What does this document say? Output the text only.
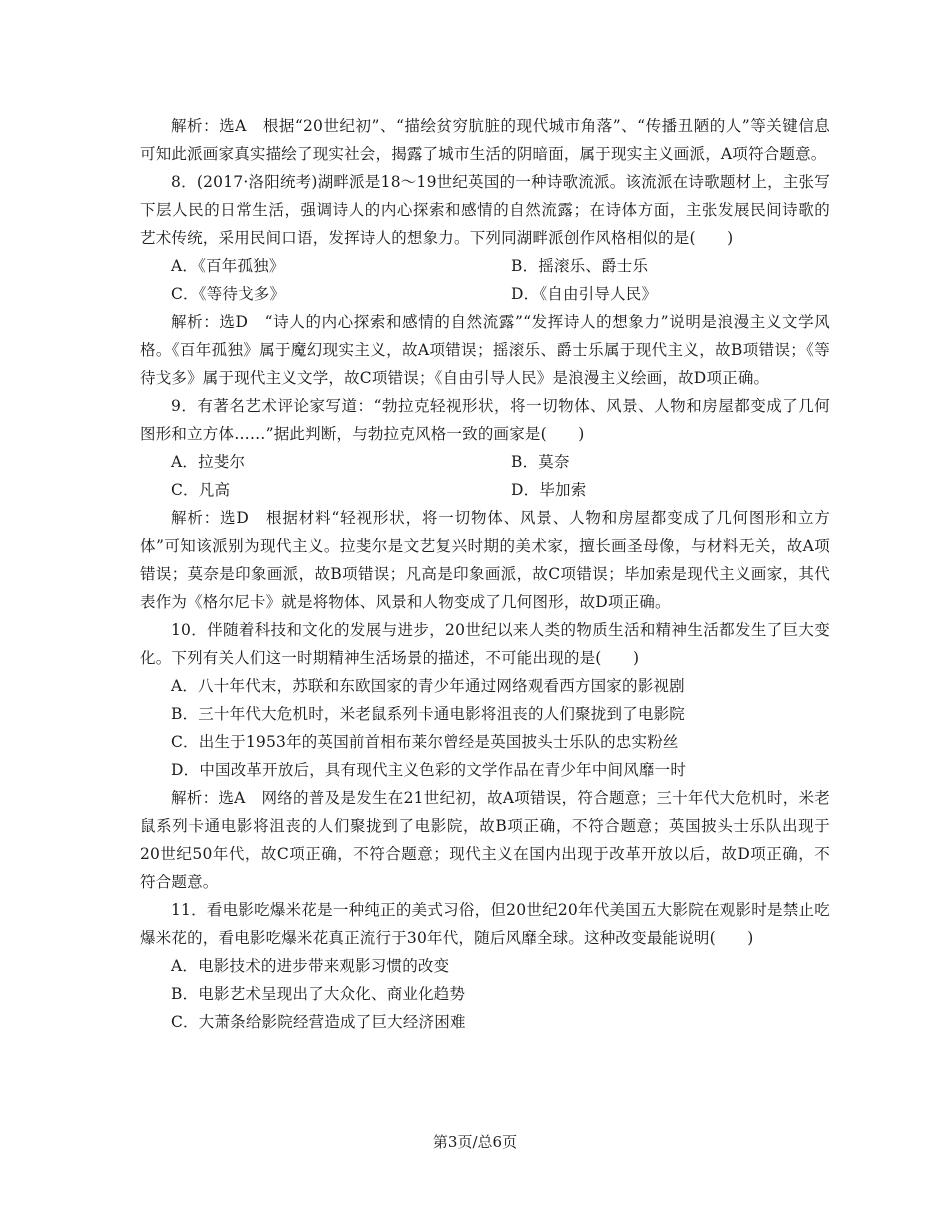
解析：选A　根据“20世纪初”、“描绘贫穷肮脏的现代城市角落”、“传播丑陋的人”等关键信息可知此派画家真实描绘了现实社会，揭露了城市生活的阴暗面，属于现实主义画派，A项符合题意。

8．(2017·洛阳统考)湖畔派是18～19世纪英国的一种诗歌流派。该流派在诗歌题材上，主张写下层人民的日常生活，强调诗人的内心探索和感情的自然流露；在诗体方面，主张发展民间诗歌的艺术传统，采用民间口语，发挥诗人的想象力。下列同湖畔派创作风格相似的是(　　)

A．《百年孤独》	B．摇滚乐、爵士乐
C．《等待戈多》	D．《自由引导人民》

解析：选D　“诗人的内心探索和感情的自然流露”“发挥诗人的想象力”说明是浪漫主义文学风格。《百年孤独》属于魔幻现实主义，故A项错误；摇滚乐、爵士乐属于现代主义，故B项错误；《等待戈多》属于现代主义文学，故C项错误；《自由引导人民》是浪漫主义绘画，故D项正确。

9．有著名艺术评论家写道：“勃拉克轻视形状，将一切物体、风景、人物和房屋都变成了几何图形和立方体……”据此判断，与勃拉克风格一致的画家是(　　)

A．拉斐尔	B．莫奈
C．凡高	D．毕加索

解析：选D　根据材料“轻视形状，将一切物体、风景、人物和房屋都变成了几何图形和立方体”可知该派别为现代主义。拉斐尔是文艺复兴时期的美术家，擅长画圣母像，与材料无关，故A项错误；莫奈是印象画派，故B项错误；凡高是印象画派，故C项错误；毕加索是现代主义画家，其代表作为《格尔尼卡》就是将物体、风景和人物变成了几何图形，故D项正确。

10．伴随着科技和文化的发展与进步，20世纪以来人类的物质生活和精神生活都发生了巨大变化。下列有关人们这一时期精神生活场景的描述，不可能出现的是(　　)

A．八十年代末，苏联和东欧国家的青少年通过网络观看西方国家的影视剧

B．三十年代大危机时，米老鼠系列卡通电影将沮丧的人们聚拢到了电影院

C．出生于1953年的英国前首相布莱尔曾经是英国披头士乐队的忠实粉丝

D．中国改革开放后，具有现代主义色彩的文学作品在青少年中间风靡一时

解析：选A　网络的普及是发生在21世纪初，故A项错误，符合题意；三十年代大危机时，米老鼠系列卡通电影将沮丧的人们聚拢到了电影院，故B项正确，不符合题意；英国披头士乐队出现于20世纪50年代，故C项正确，不符合题意；现代主义在国内出现于改革开放以后，故D项正确，不符合题意。

11．看电影吃爆米花是一种纯正的美式习俗，但20世纪20年代美国五大影院在观影时是禁止吃爆米花的，看电影吃爆米花真正流行于30年代，随后风靡全球。这种改变最能说明(　　)

A．电影技术的进步带来观影习惯的改变

B．电影艺术呈现出了大众化、商业化趋势

C．大萧条给影院经营造成了巨大经济困难

第3页/总6页
